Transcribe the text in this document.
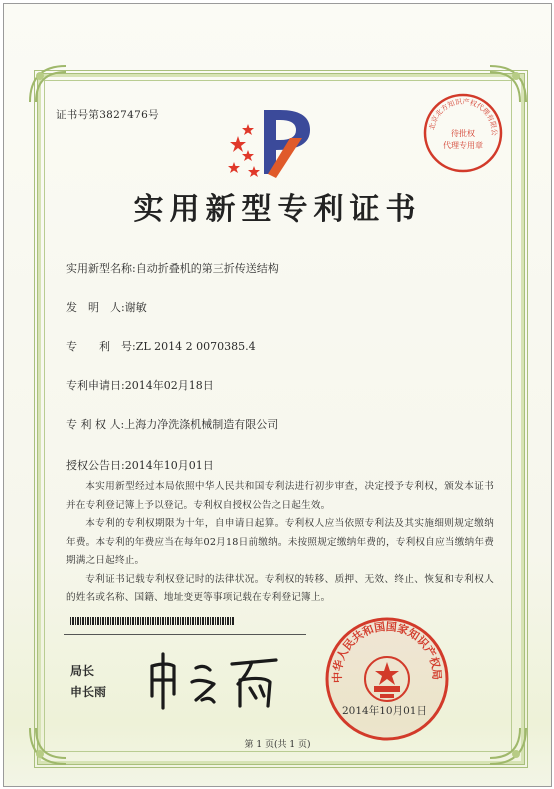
证书号第3827476号
北京北方知识产权代理有限公
待批权
代理专用章
实用新型专利证书
实用新型名称:自动折叠机的第三折传送结构
发　明　人:谢敏
专　　利　号:ZL 2014 2 0070385.4
专利申请日:2014年02月18日
专 利 权 人:上海力净洗涤机械制造有限公司
授权公告日:2014年10月01日

本实用新型经过本局依照中华人民共和国专利法进行初步审查，决定授予专利权，颁发本证书并在专利登记簿上予以登记。专利权自授权公告之日起生效。

本专利的专利权期限为十年，自申请日起算。专利权人应当依照专利法及其实施细则规定缴纳年费。本专利的年费应当在每年02月18日前缴纳。未按照规定缴纳年费的，专利权自应当缴纳年费期满之日起终止。

专利证书记载专利权登记时的法律状况。专利权的转移、质押、无效、终止、恢复和专利权人的姓名或名称、国籍、地址变更等事项记载在专利登记簿上。

局长
申长雨
中华人民共和国国家知识产权局
2014年10月01日
第 1 页(共 1 页)
